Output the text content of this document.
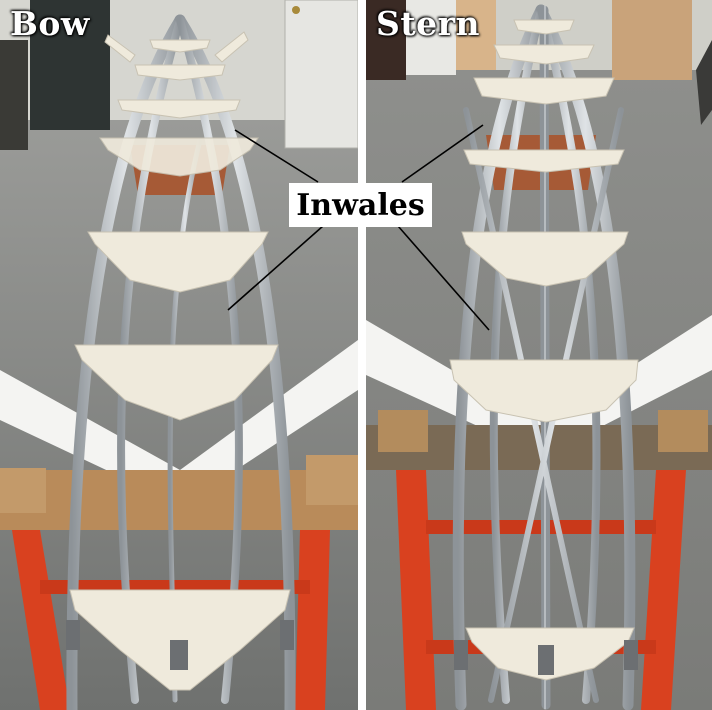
Bow	Stern
Inwales
